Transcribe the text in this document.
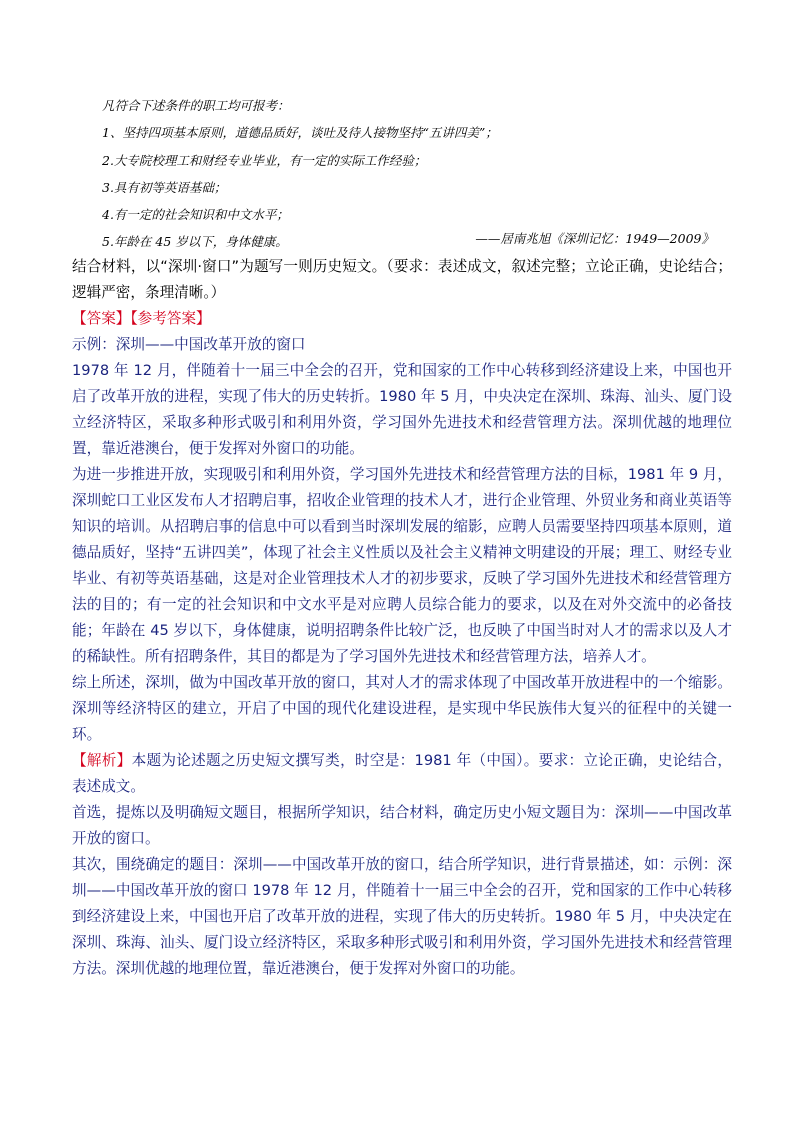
凡符合下述条件的职工均可报考：
1、坚持四项基本原则，道德品质好，谈吐及待人接物坚持“五讲四美”；
2.大专院校理工和财经专业毕业，有一定的实际工作经验；
3.具有初等英语基础；
4.有一定的社会知识和中文水平；
5.年龄在 45 岁以下，身体健康。	——居南兆旭《深圳记忆：1949—2009》

结合材料，以“深圳·窗口”为题写一则历史短文。（要求：表述成文，叙述完整；立论正确，史论结合；逻辑严密，条理清晰。）

【答案】【参考答案】

示例：深圳——中国改革开放的窗口

1978 年 12 月，伴随着十一届三中全会的召开，党和国家的工作中心转移到经济建设上来，中国也开启了改革开放的进程，实现了伟大的历史转折。1980 年 5 月，中央决定在深圳、珠海、汕头、厦门设立经济特区，采取多种形式吸引和利用外资，学习国外先进技术和经营管理方法。深圳优越的地理位置，靠近港澳台，便于发挥对外窗口的功能。

为进一步推进开放，实现吸引和利用外资，学习国外先进技术和经营管理方法的目标，1981 年 9 月，深圳蛇口工业区发布人才招聘启事，招收企业管理的技术人才，进行企业管理、外贸业务和商业英语等知识的培训。从招聘启事的信息中可以看到当时深圳发展的缩影，应聘人员需要坚持四项基本原则，道德品质好，坚持“五讲四美”，体现了社会主义性质以及社会主义精神文明建设的开展；理工、财经专业毕业、有初等英语基础，这是对企业管理技术人才的初步要求，反映了学习国外先进技术和经营管理方法的目的；有一定的社会知识和中文水平是对应聘人员综合能力的要求，以及在对外交流中的必备技能；年龄在 45 岁以下，身体健康，说明招聘条件比较广泛，也反映了中国当时对人才的需求以及人才的稀缺性。所有招聘条件，其目的都是为了学习国外先进技术和经营管理方法，培养人才。

综上所述，深圳，做为中国改革开放的窗口，其对人才的需求体现了中国改革开放进程中的一个缩影。深圳等经济特区的建立，开启了中国的现代化建设进程，是实现中华民族伟大复兴的征程中的关键一环。

【解析】本题为论述题之历史短文撰写类，时空是：1981 年（中国）。要求：立论正确，史论结合，表述成文。

首选，提炼以及明确短文题目，根据所学知识，结合材料，确定历史小短文题目为：深圳——中国改革开放的窗口。

其次，围绕确定的题目：深圳——中国改革开放的窗口，结合所学知识，进行背景描述，如：示例：深圳——中国改革开放的窗口 1978 年 12 月，伴随着十一届三中全会的召开，党和国家的工作中心转移到经济建设上来，中国也开启了改革开放的进程，实现了伟大的历史转折。1980 年 5 月，中央决定在深圳、珠海、汕头、厦门设立经济特区，采取多种形式吸引和利用外资，学习国外先进技术和经营管理方法。深圳优越的地理位置，靠近港澳台，便于发挥对外窗口的功能。
